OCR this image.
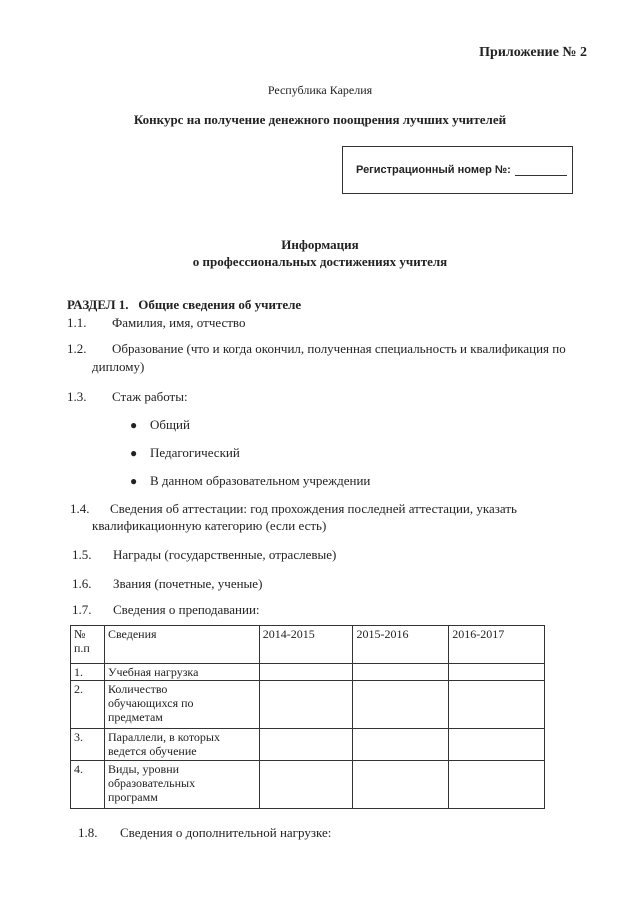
Приложение № 2
Республика Карелия
Конкурс на получение денежного поощрения лучших учителей
Регистрационный номер №:
Информация
о профессиональных достижениях учителя
РАЗДЕЛ 1.   Общие сведения об учителе
1.1. Фамилия, имя, отчество
1.2. Образование (что и когда окончил, полученная специальность и квалификация по
диплому)
1.3. Стаж работы:
● Общий
● Педагогический
● В данном образовательном учреждении
1.4. Сведения об аттестации: год прохождения последней аттестации, указать
квалификационную категорию (если есть)
1.5. Награды (государственные, отраслевые)
1.6. Звания (почетные, ученые)
1.7. Сведения о преподавании:
№
п.п	Сведения	2014-2015	2015-2016	2016-2017
1.	Учебная нагрузка			
2.	Количество
обучающихся по
предметам			
3.	Параллели, в которых
ведется обучение			
4.	Виды, уровни
образовательных
программ			
1.8. Сведения о дополнительной нагрузке:
